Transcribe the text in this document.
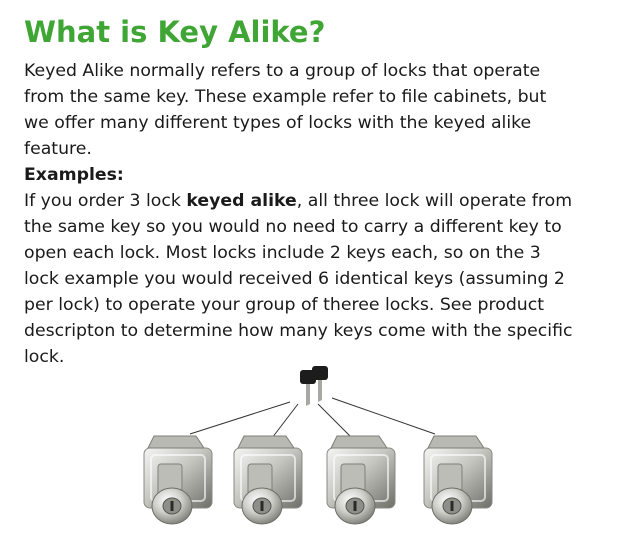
What is Key Alike?

Keyed Alike normally refers to a group of locks that operate
from the same key. These example refer to file cabinets, but
we offer many different types of locks with the keyed alike
feature.

Examples:

If you order 3 lock keyed alike, all three lock will operate from
the same key so you would no need to carry a different key to
open each lock. Most locks include 2 keys each, so on the 3
lock example you would received 6 identical keys (assuming 2
per lock) to operate your group of theree locks. See product
descripton to determine how many keys come with the specific
lock.
